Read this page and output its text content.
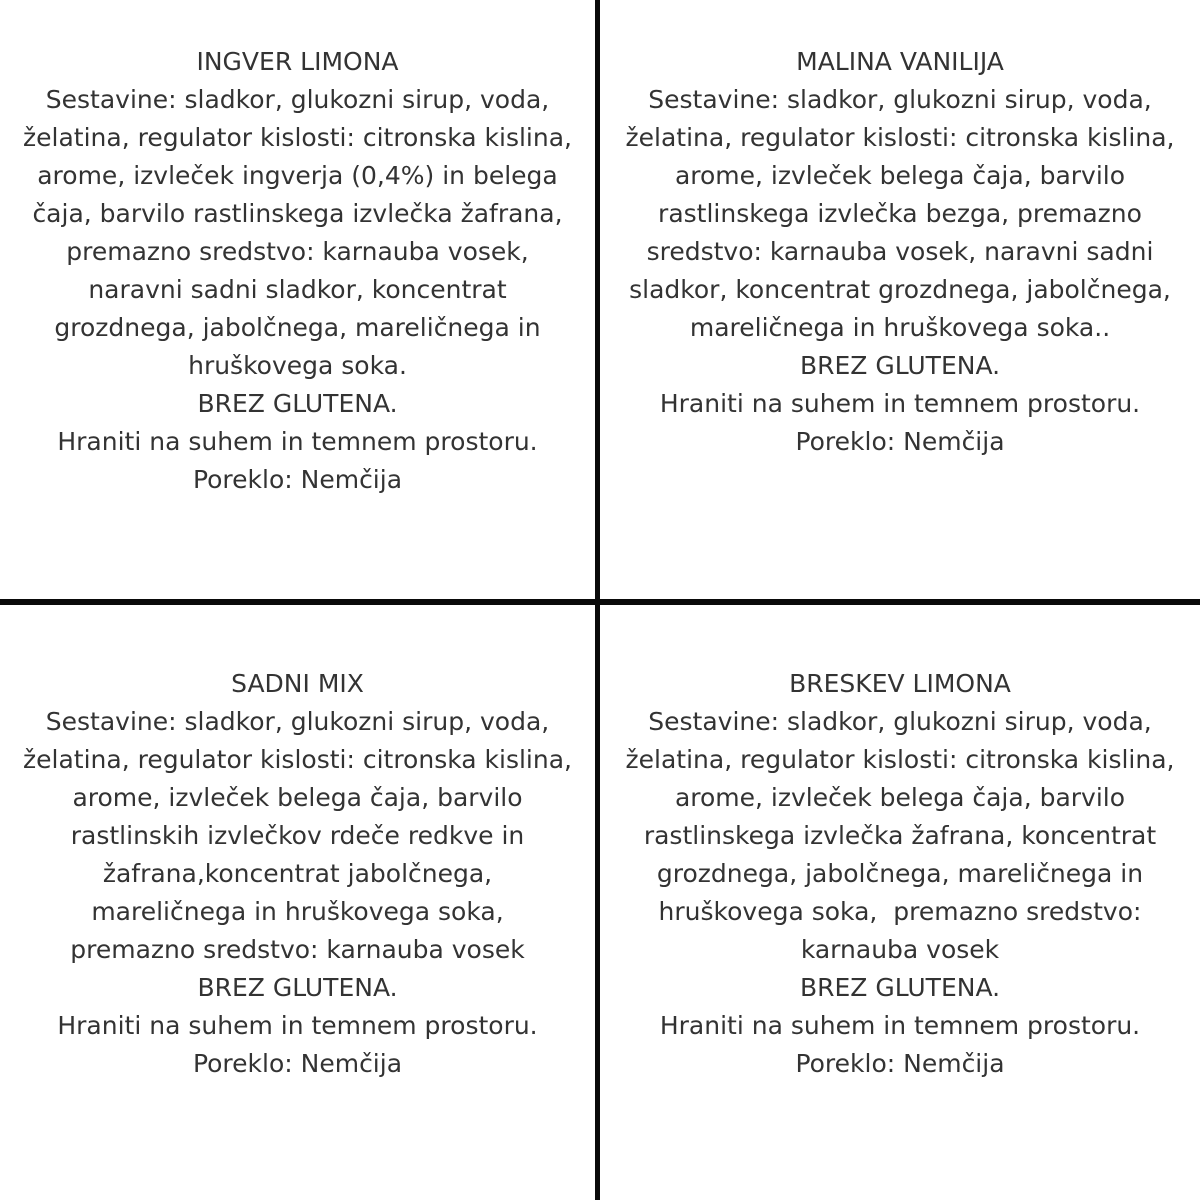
INGVER LIMONA
Sestavine: sladkor, glukozni sirup, voda,
želatina, regulator kislosti: citronska kislina,
arome, izvleček ingverja (0,4%) in belega
čaja, barvilo rastlinskega izvlečka žafrana,
premazno sredstvo: karnauba vosek,
naravni sadni sladkor, koncentrat
grozdnega, jabolčnega, mareličnega in
hruškovega soka.
BREZ GLUTENA.
Hraniti na suhem in temnem prostoru.
Poreklo: Nemčija
MALINA VANILIJA
Sestavine: sladkor, glukozni sirup, voda,
želatina, regulator kislosti: citronska kislina,
arome, izvleček belega čaja, barvilo
rastlinskega izvlečka bezga, premazno
sredstvo: karnauba vosek, naravni sadni
sladkor, koncentrat grozdnega, jabolčnega,
mareličnega in hruškovega soka..
BREZ GLUTENA.
Hraniti na suhem in temnem prostoru.
Poreklo: Nemčija
SADNI MIX
Sestavine: sladkor, glukozni sirup, voda,
želatina, regulator kislosti: citronska kislina,
arome, izvleček belega čaja, barvilo
rastlinskih izvlečkov rdeče redkve in
žafrana,koncentrat jabolčnega,
mareličnega in hruškovega soka,
premazno sredstvo: karnauba vosek
BREZ GLUTENA.
Hraniti na suhem in temnem prostoru.
Poreklo: Nemčija
BRESKEV LIMONA
Sestavine: sladkor, glukozni sirup, voda,
želatina, regulator kislosti: citronska kislina,
arome, izvleček belega čaja, barvilo
rastlinskega izvlečka žafrana, koncentrat
grozdnega, jabolčnega, mareličnega in
hruškovega soka,  premazno sredstvo:
karnauba vosek
BREZ GLUTENA.
Hraniti na suhem in temnem prostoru.
Poreklo: Nemčija
